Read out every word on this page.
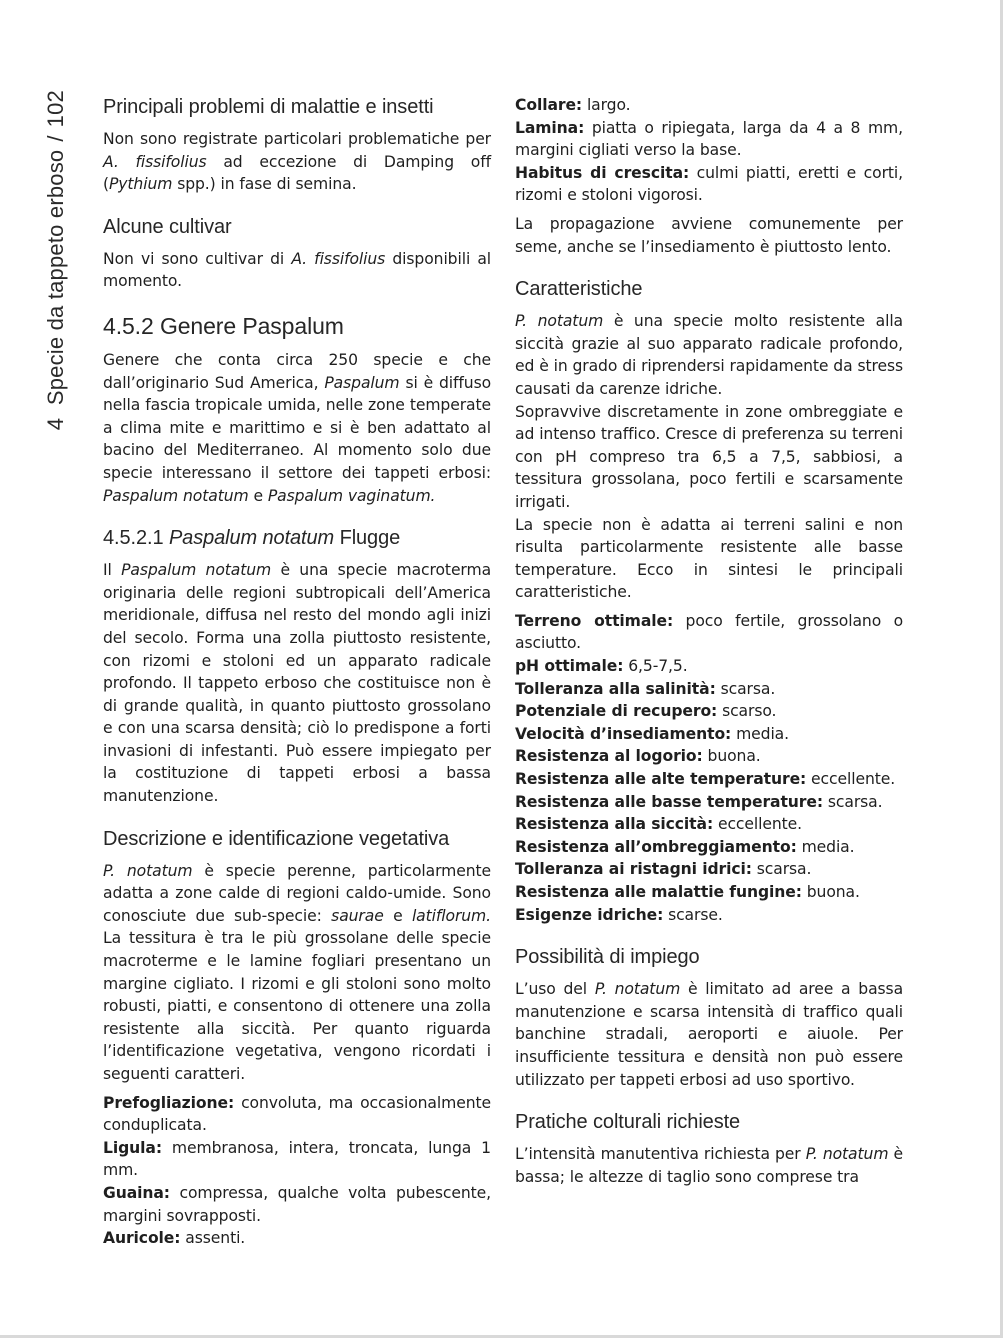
4  Specie da tappeto erboso/102	Principali problemi di malattie e insetti

Non sono registrate particolari problematiche per A. fissifolius ad eccezione di Damping off (Pythium spp.) in fase di semina.

Alcune cultivar

Non vi sono cultivar di A. fissifolius disponibili al momento.

4.5.2 Genere Paspalum

Genere che conta circa 250 specie e che dall’originario Sud America, Paspalum si è diffuso nella fascia tropicale umida, nelle zone temperate a clima mite e marittimo e si è ben adattato al bacino del Mediterraneo. Al momento solo due specie interessano il settore dei tappeti erbosi: Paspalum notatum e Paspalum vaginatum.

4.5.2.1 Paspalum notatum Flugge

Il Paspalum notatum è una specie macroterma originaria delle regioni subtropicali dell’America meridionale, diffusa nel resto del mondo agli inizi del secolo. Forma una zolla piuttosto resistente, con rizomi e stoloni ed un apparato radicale profondo. Il tappeto erboso che costituisce non è di grande qualità, in quanto piuttosto grossolano e con una scarsa densità; ciò lo predispone a forti invasioni di infestanti. Può essere impiegato per la costituzione di tappeti erbosi a bassa manutenzione.

Descrizione e identificazione vegetativa

P. notatum è specie perenne, particolarmente adatta a zone calde di regioni caldo-umide. Sono conosciute due sub-specie: saurae e latiflorum. La tessitura è tra le più grossolane delle specie macroterme e le lamine fogliari presentano un margine cigliato. I rizomi e gli stoloni sono molto robusti, piatti, e consentono di ottenere una zolla resistente alla siccità. Per quanto riguarda l’identificazione vegetativa, vengono ricordati i seguenti caratteri.

Prefogliazione: convoluta, ma occasionalmente conduplicata.

Ligula: membranosa, intera, troncata, lunga 1 mm.

Guaina: compressa, qualche volta pubescente, margini sovrapposti.

Auricole: assenti.

Collare: largo.

Lamina: piatta o ripiegata, larga da 4 a 8 mm, margini cigliati verso la base.

Habitus di crescita: culmi piatti, eretti e corti, rizomi e stoloni vigorosi.

La propagazione avviene comunemente per seme, anche se l’insediamento è piuttosto lento.

Caratteristiche

P. notatum è una specie molto resistente alla siccità grazie al suo apparato radicale profondo, ed è in grado di riprendersi rapidamente da stress causati da carenze idriche.

Sopravvive discretamente in zone ombreggiate e ad intenso traffico. Cresce di preferenza su terreni con pH compreso tra 6,5 a 7,5, sabbiosi, a tessitura grossolana, poco fertili e scarsamente irrigati.

La specie non è adatta ai terreni salini e non risulta particolarmente resistente alle basse temperature. Ecco in sintesi le principali caratteristiche.

Terreno ottimale: poco fertile, grossolano o asciutto.

pH ottimale: 6,5-7,5.

Tolleranza alla salinità: scarsa.

Potenziale di recupero: scarso.

Velocità d’insediamento: media.

Resistenza al logorio: buona.

Resistenza alle alte temperature: eccellente.

Resistenza alle basse temperature: scarsa.

Resistenza alla siccità: eccellente.

Resistenza all’ombreggiamento: media.

Tolleranza ai ristagni idrici: scarsa.

Resistenza alle malattie fungine: buona.

Esigenze idriche: scarse.

Possibilità di impiego

L’uso del P. notatum è limitato ad aree a bassa manutenzione e scarsa intensità di traffico quali banchine stradali, aeroporti e aiuole. Per insufficiente tessitura e densità non può essere utilizzato per tappeti erbosi ad uso sportivo.

Pratiche colturali richieste

L’intensità manutentiva richiesta per P. notatum è bassa; le altezze di taglio sono comprese tra
